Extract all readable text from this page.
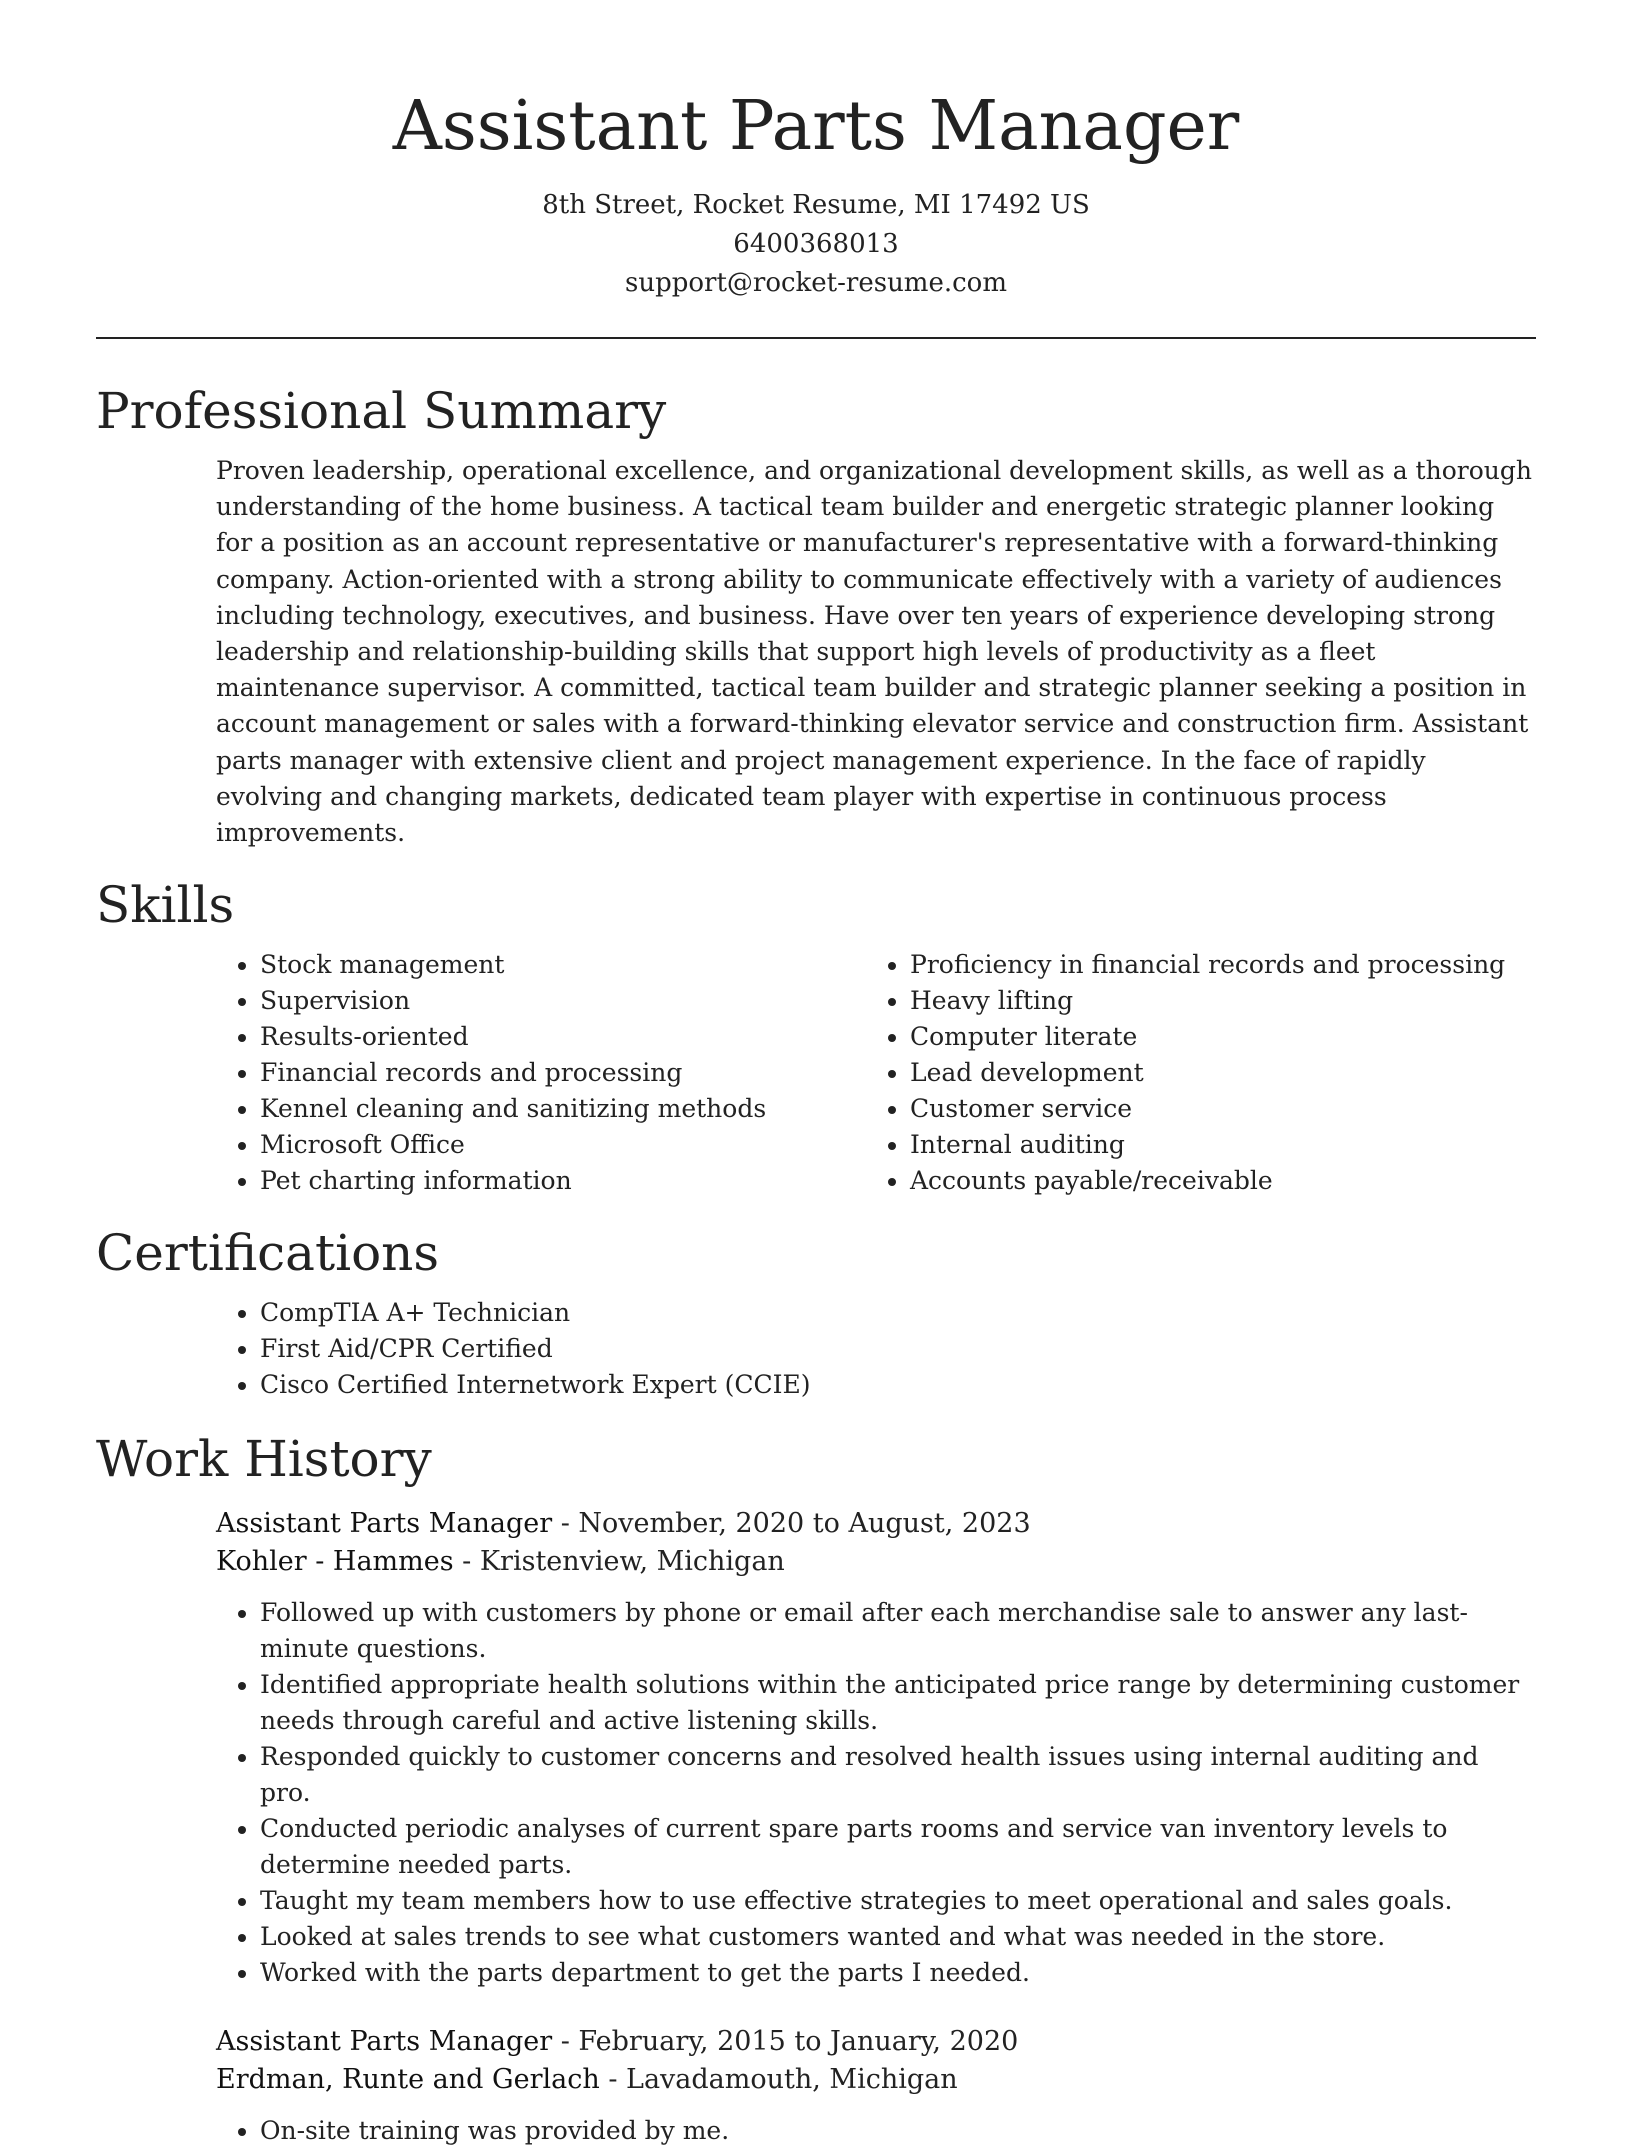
Assistant Parts Manager
8th Street, Rocket Resume, MI 17492 US
6400368013
support@rocket-resume.com
Professional Summary

Proven leadership, operational excellence, and organizational development skills, as well as a thorough understanding of the home business. A tactical team builder and energetic strategic planner looking for a position as an account representative or manufacturer's representative with a forward-thinking company. Action-oriented with a strong ability to communicate effectively with a variety of audiences including technology, executives, and business. Have over ten years of experience developing strong leadership and relationship-building skills that support high levels of productivity as a fleet maintenance supervisor. A committed, tactical team builder and strategic planner seeking a position in account management or sales with a forward-thinking elevator service and construction firm. Assistant parts manager with extensive client and project management experience. In the face of rapidly evolving and changing markets, dedicated team player with expertise in continuous process improvements.

Skills
• Stock management
• Supervision
• Results-oriented
• Financial records and processing
• Kennel cleaning and sanitizing methods
• Microsoft Office
• Pet charting information
• Proficiency in financial records and processing
• Heavy lifting
• Computer literate
• Lead development
• Customer service
• Internal auditing
• Accounts payable/receivable
Certifications
• CompTIA A+ Technician
• First Aid/CPR Certified
• Cisco Certified Internetwork Expert (CCIE)
Work History
Assistant Parts Manager - November, 2020 to August, 2023
Kohler - Hammes - Kristenview, Michigan
• Followed up with customers by phone or email after each merchandise sale to answer any last-minute questions.
• Identified appropriate health solutions within the anticipated price range by determining customer needs through careful and active listening skills.
• Responded quickly to customer concerns and resolved health issues using internal auditing and pro.
• Conducted periodic analyses of current spare parts rooms and service van inventory levels to determine needed parts.
• Taught my team members how to use effective strategies to meet operational and sales goals.
• Looked at sales trends to see what customers wanted and what was needed in the store.
• Worked with the parts department to get the parts I needed.
Assistant Parts Manager - February, 2015 to January, 2020
Erdman, Runte and Gerlach - Lavadamouth, Michigan
• On-site training was provided by me.
